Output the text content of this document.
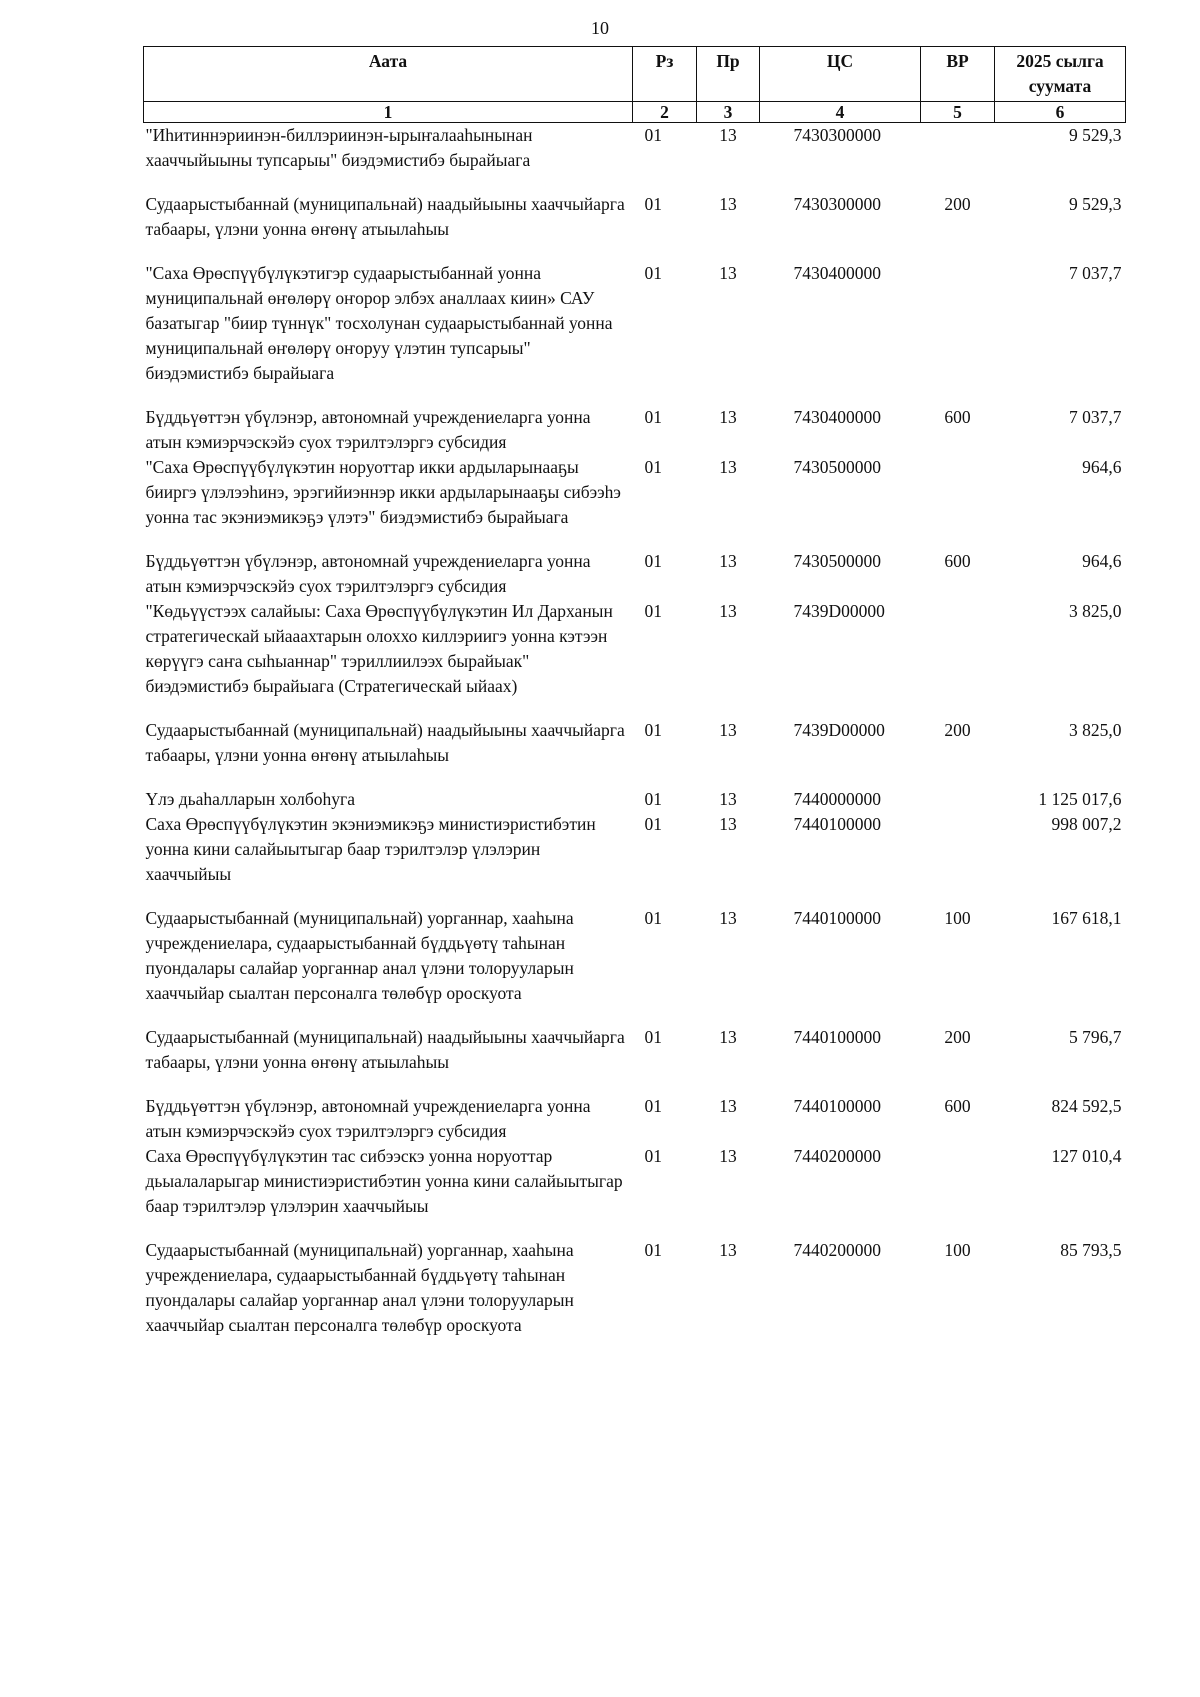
10
Аата	Рз	Пр	ЦС	ВР	2025 сылга суумата
1	2	3	4	5	6
"Иһитиннэриинэн-биллэриинэн-ырыҥалааһынынан хааччыйыыны тупсарыы" биэдэмистибэ бырайыага	01	13	7430300000		9 529,3
Судаарыстыбаннай (муниципальнай) наадыйыыны хааччыйарга табаары, үлэни уонна өҥөнү атыылаһыы	01	13	7430300000	200	9 529,3
"Саха Өрөспүүбүлүкэтигэр судаарыстыбаннай уонна муниципальнай өҥөлөрү оҥорор элбэх аналлаах киин» САУ базатыгар "биир түннүк" тосхолунан судаарыстыбаннай уонна муниципальнай өҥөлөрү оҥоруу үлэтин тупсарыы" биэдэмистибэ бырайыага	01	13	7430400000		7 037,7
Бүддьүөттэн үбүлэнэр, автономнай учреждениеларга уонна атын кэмиэрчэскэйэ суох тэрилтэлэргэ субсидия	01	13	7430400000	600	7 037,7
"Саха Өрөспүүбүлүкэтин норуоттар икки ардыларынааҕы бииргэ үлэлээһинэ, эрэгийиэннэр икки ардыларынааҕы сибээһэ уонна тас экэниэмикэҕэ үлэтэ" биэдэмистибэ бырайыага	01	13	7430500000		964,6
Бүддьүөттэн үбүлэнэр, автономнай учреждениеларга уонна атын кэмиэрчэскэйэ суох тэрилтэлэргэ субсидия	01	13	7430500000	600	964,6
"Көдьүүстээх салайыы: Саха Өрөспүүбүлүкэтин Ил Дарханын стратегическай ыйааахтарын олоххо киллэриигэ уонна кэтээн көрүүгэ саҥа сыһыаннар" тэриллиилээх бырайыак" биэдэмистибэ бырайыага (Стратегическай ыйаах)	01	13	7439D00000		3 825,0
Судаарыстыбаннай (муниципальнай) наадыйыыны хааччыйарга табаары, үлэни уонна өҥөнү атыылаһыы	01	13	7439D00000	200	3 825,0
Үлэ дьаһалларын холбоһуга	01	13	7440000000		1 125 017,6
Саха Өрөспүүбүлүкэтин экэниэмикэҕэ министиэристибэтин уонна кини салайыытыгар баар тэрилтэлэр үлэлэрин хааччыйыы	01	13	7440100000		998 007,2
Судаарыстыбаннай (муниципальнай) уорганнар, хааһына учреждениелара, судаарыстыбаннай бүддьүөтү таһынан пуондалары салайар уорганнар анал үлэни толорууларын хааччыйар сыалтан персоналга төлөбүр ороскуота	01	13	7440100000	100	167 618,1
Судаарыстыбаннай (муниципальнай) наадыйыыны хааччыйарга табаары, үлэни уонна өҥөнү атыылаһыы	01	13	7440100000	200	5 796,7
Бүддьүөттэн үбүлэнэр, автономнай учреждениеларга уонна атын кэмиэрчэскэйэ суох тэрилтэлэргэ субсидия	01	13	7440100000	600	824 592,5
Саха Өрөспүүбүлүкэтин тас сибээскэ уонна норуоттар дьыалаларыгар министиэристибэтин уонна кини салайыытыгар баар тэрилтэлэр үлэлэрин хааччыйыы	01	13	7440200000		127 010,4
Судаарыстыбаннай (муниципальнай) уорганнар, хааһына учреждениелара, судаарыстыбаннай бүддьүөтү таһынан пуондалары салайар уорганнар анал үлэни толорууларын хааччыйар сыалтан персоналга төлөбүр ороскуота	01	13	7440200000	100	85 793,5
